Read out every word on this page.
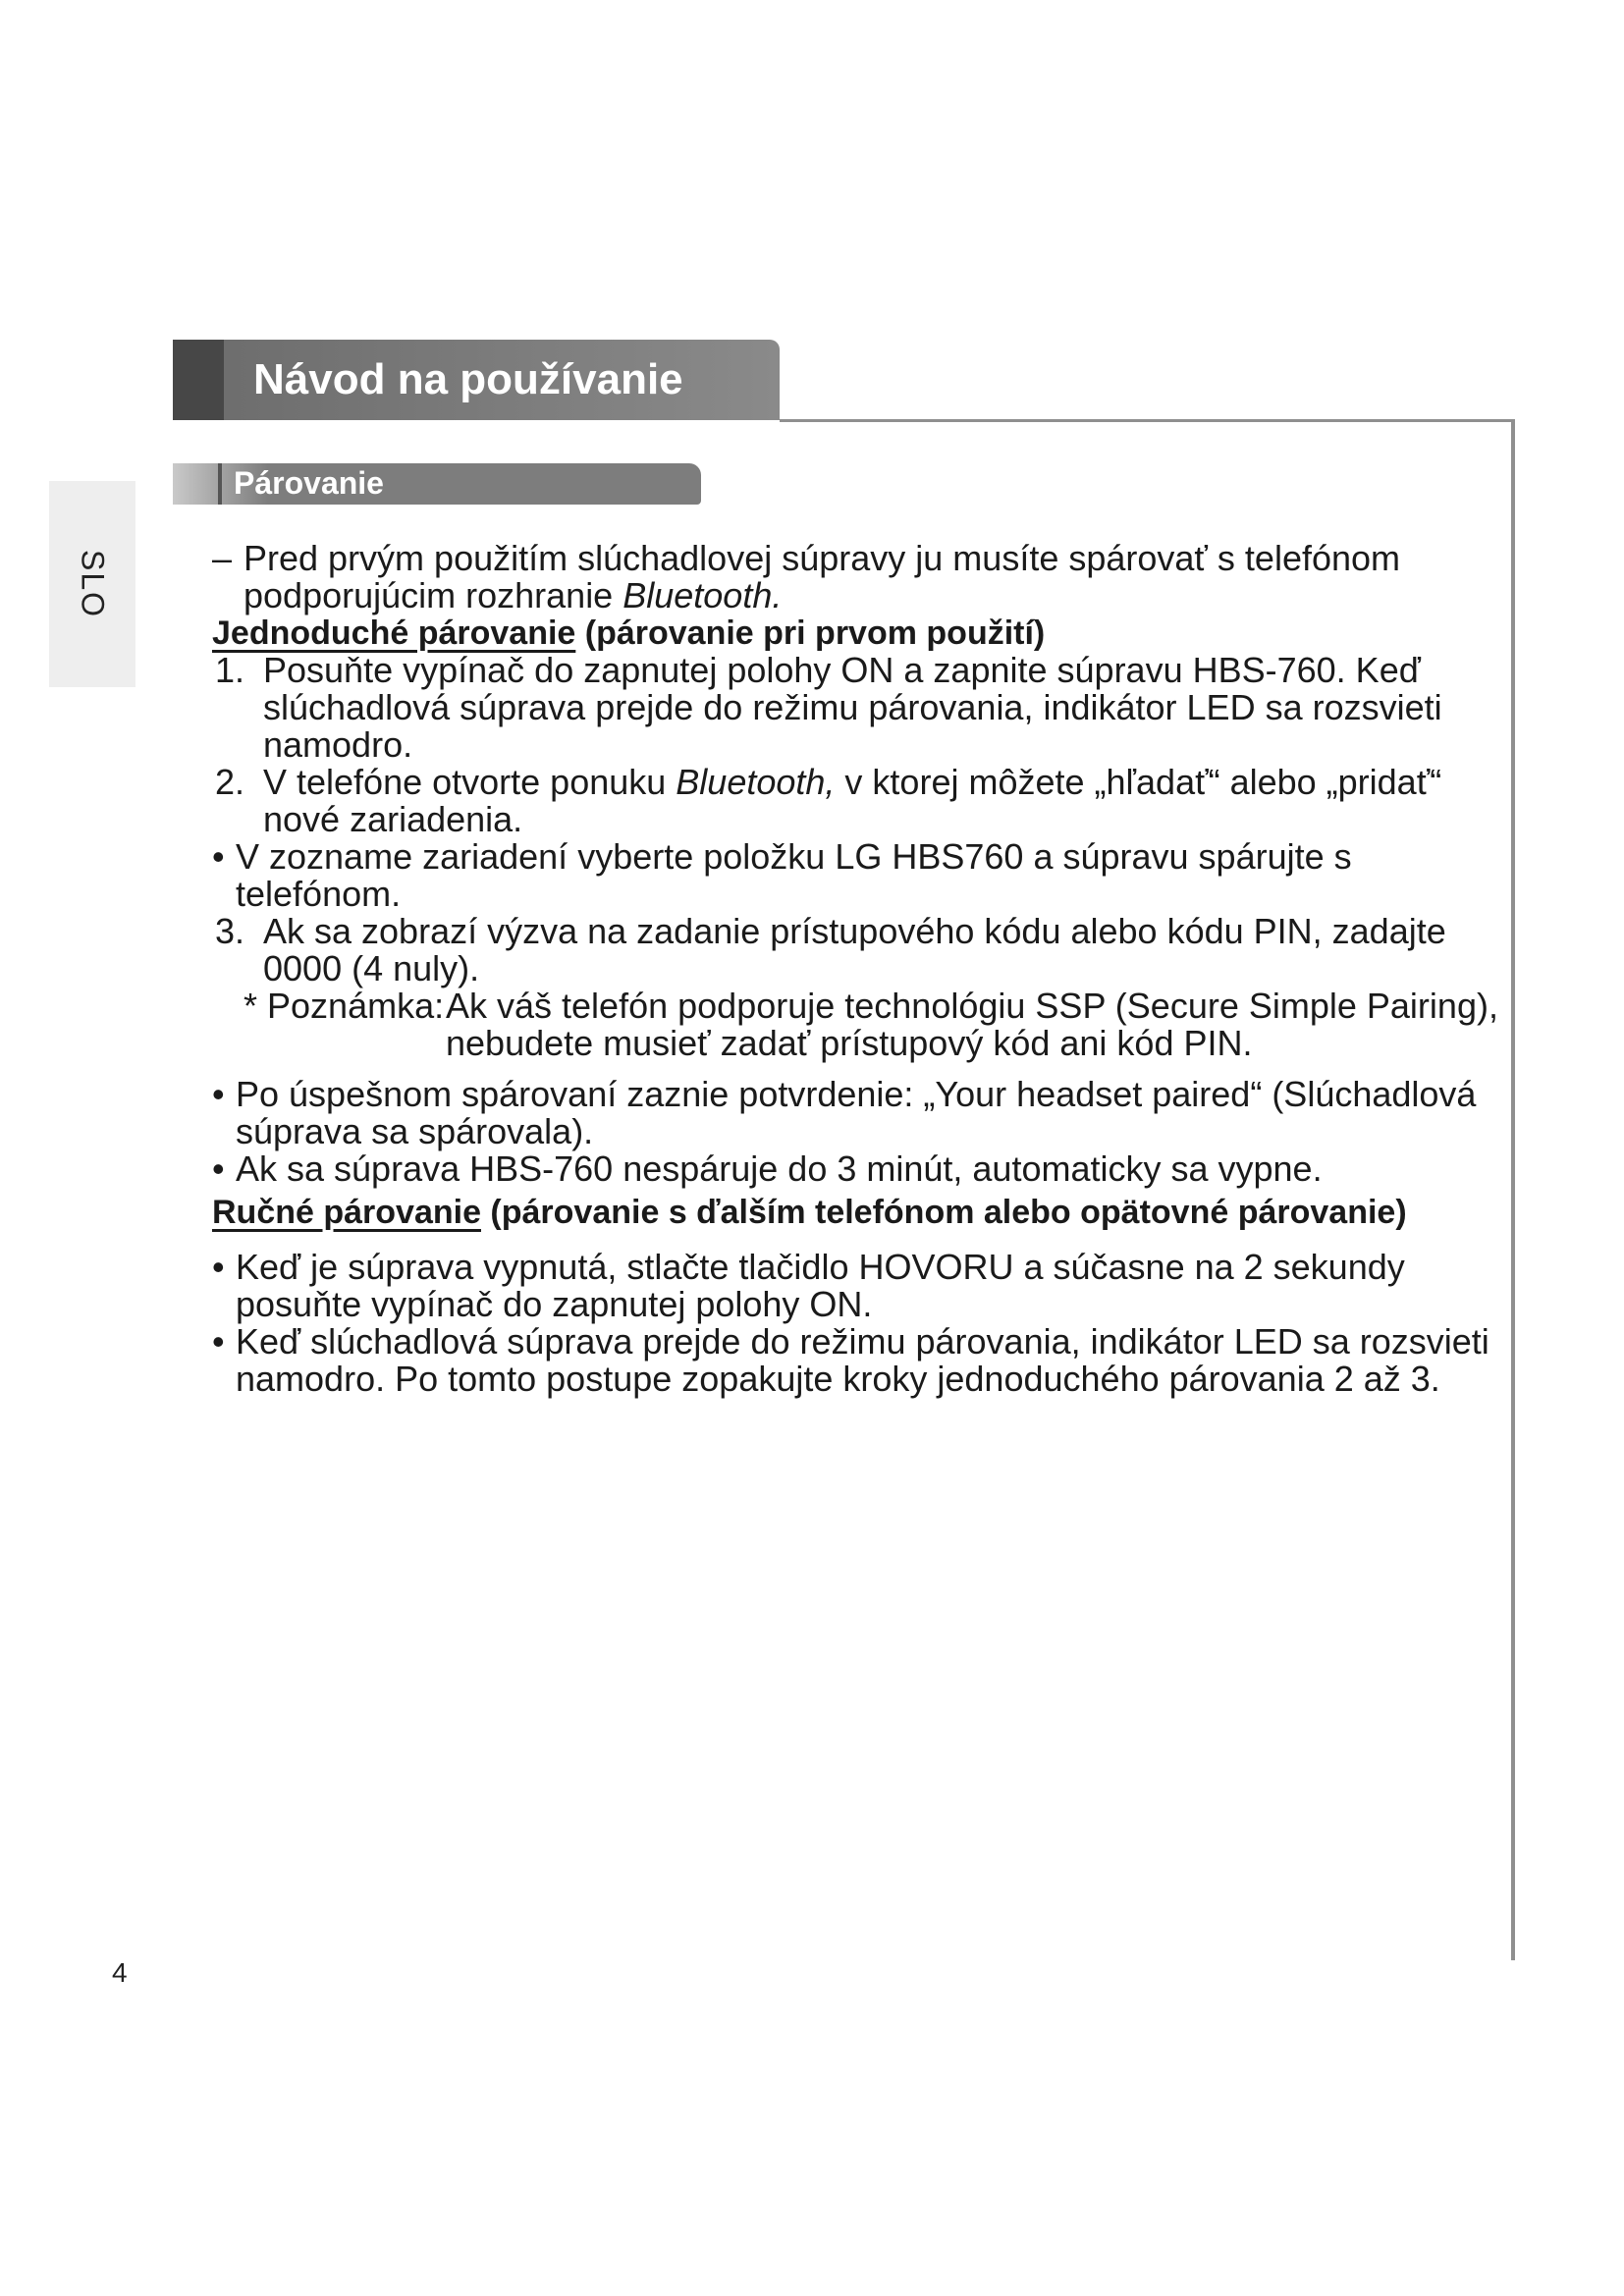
SLO
Návod na používanie
Párovanie

– Pred prvým použitím slúchadlovej súpravy ju musíte spárovať s telefónom podporujúcim rozhranie Bluetooth.

Jednoduché párovanie (párovanie pri prvom použití)

1. Posuňte vypínač do zapnutej polohy ON a zapnite súpravu HBS-760. Keď slúchadlová súprava prejde do režimu párovania, indikátor LED sa rozsvieti namodro.

2. V telefóne otvorte ponuku Bluetooth, v ktorej môžete „hľadať“ alebo „pridať“ nové zariadenia.

• V zozname zariadení vyberte položku LG HBS760 a súpravu spárujte s telefónom.

3. Ak sa zobrazí výzva na zadanie prístupového kódu alebo kódu PIN, zadajte 0000 (4 nuly).

* Poznámka: Ak váš telefón podporuje technológiu SSP (Secure Simple Pairing),
nebudete musieť zadať prístupový kód ani kód PIN.

• Po úspešnom spárovaní zaznie potvrdenie: „Your headset paired“ (Slúchadlová súprava sa spárovala).

• Ak sa súprava HBS-760 nespáruje do 3 minút, automaticky sa vypne.

Ručné párovanie (párovanie s ďalším telefónom alebo opätovné párovanie)

• Keď je súprava vypnutá, stlačte tlačidlo HOVORU a súčasne na 2 sekundy posuňte vypínač do zapnutej polohy ON.

• Keď slúchadlová súprava prejde do režimu párovania, indikátor LED sa rozsvieti namodro. Po tomto postupe zopakujte kroky jednoduchého párovania 2 až 3.

4
